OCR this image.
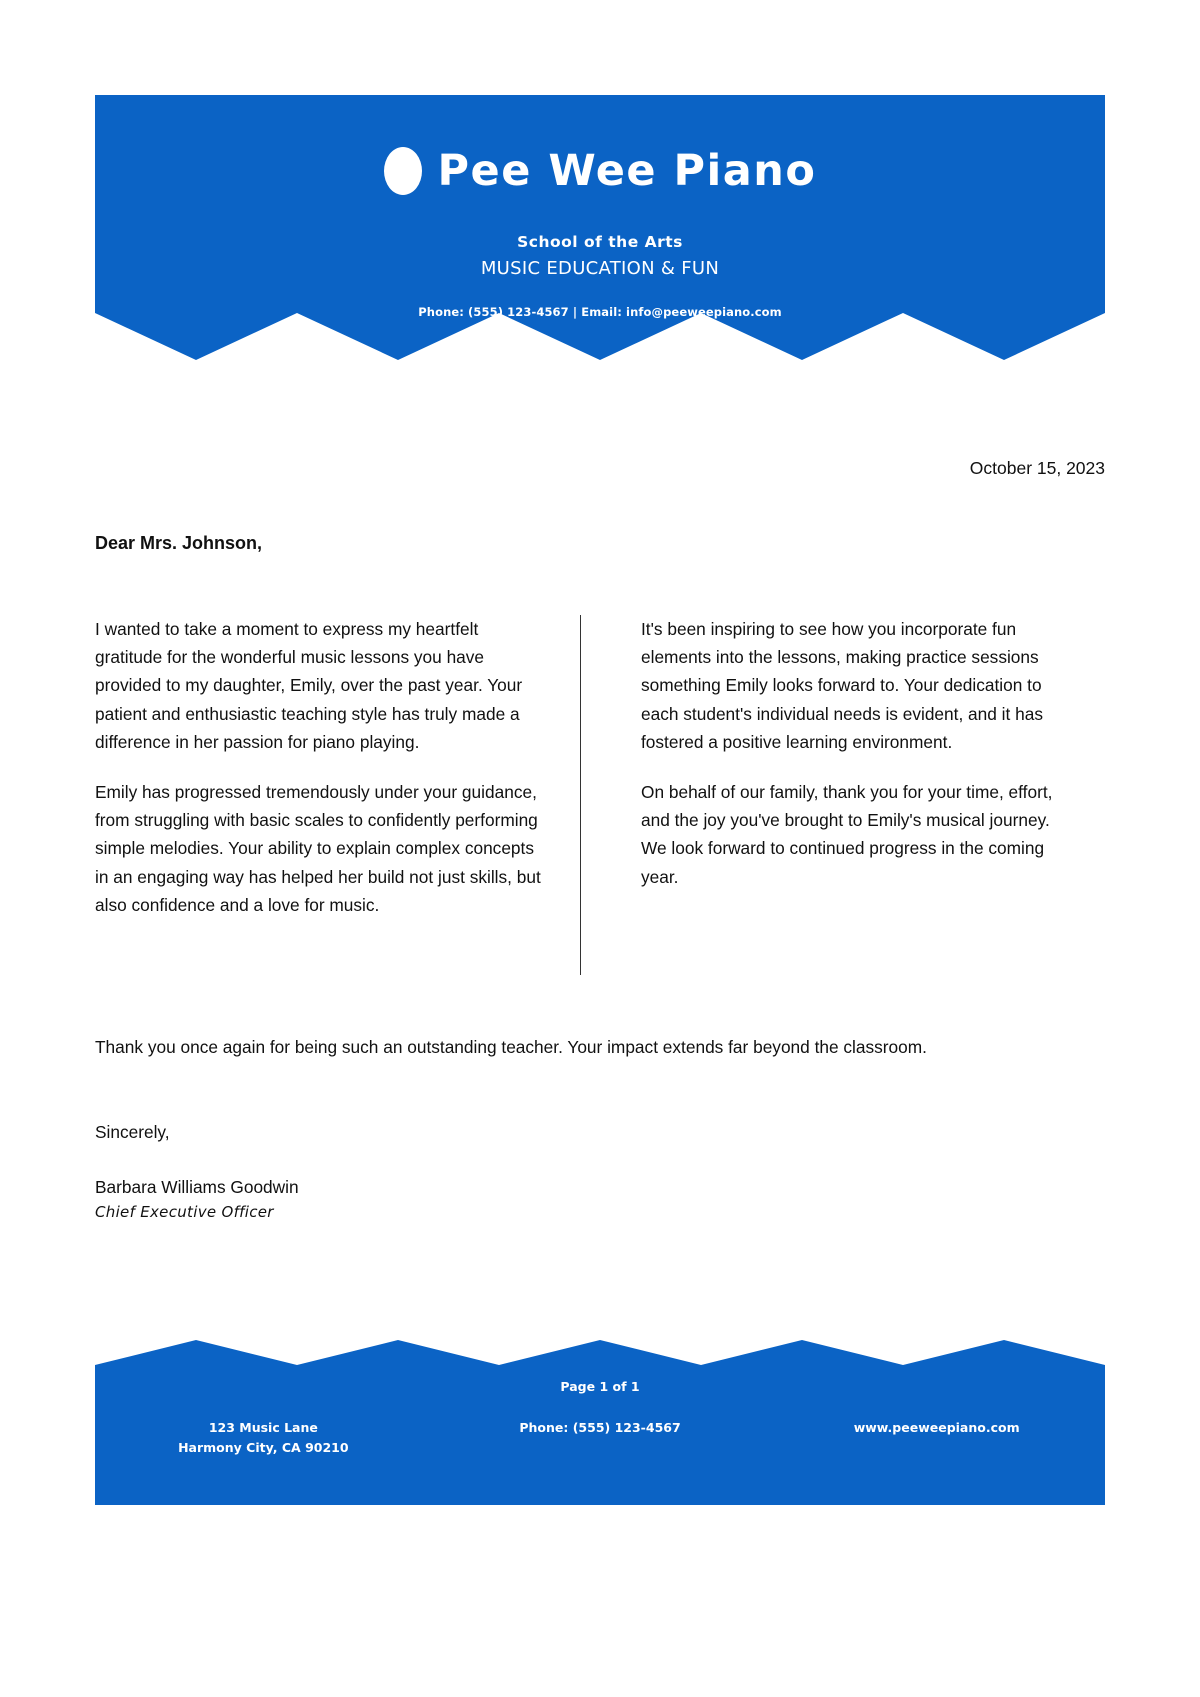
Pee Wee Piano
School of the Arts
MUSIC EDUCATION & FUN
Phone: (555) 123-4567 | Email: info@peeweepiano.com
October 15, 2023
Dear Mrs. Johnson,

I wanted to take a moment to express my heartfelt gratitude for the wonderful music lessons you have provided to my daughter, Emily, over the past year. Your patient and enthusiastic teaching style has truly made a difference in her passion for piano playing.

Emily has progressed tremendously under your guidance, from struggling with basic scales to confidently performing simple melodies. Your ability to explain complex concepts in an engaging way has helped her build not just skills, but also confidence and a love for music.

It's been inspiring to see how you incorporate fun elements into the lessons, making practice sessions something Emily looks forward to. Your dedication to each student's individual needs is evident, and it has fostered a positive learning environment.

On behalf of our family, thank you for your time, effort, and the joy you've brought to Emily's musical journey. We look forward to continued progress in the coming year.

Thank you once again for being such an outstanding teacher. Your impact extends far beyond the classroom.
Sincerely,
Barbara Williams Goodwin
Chief Executive Officer
Page 1 of 1
123 Music Lane
Harmony City, CA 90210
Phone: (555) 123-4567	www.peeweepiano.com
